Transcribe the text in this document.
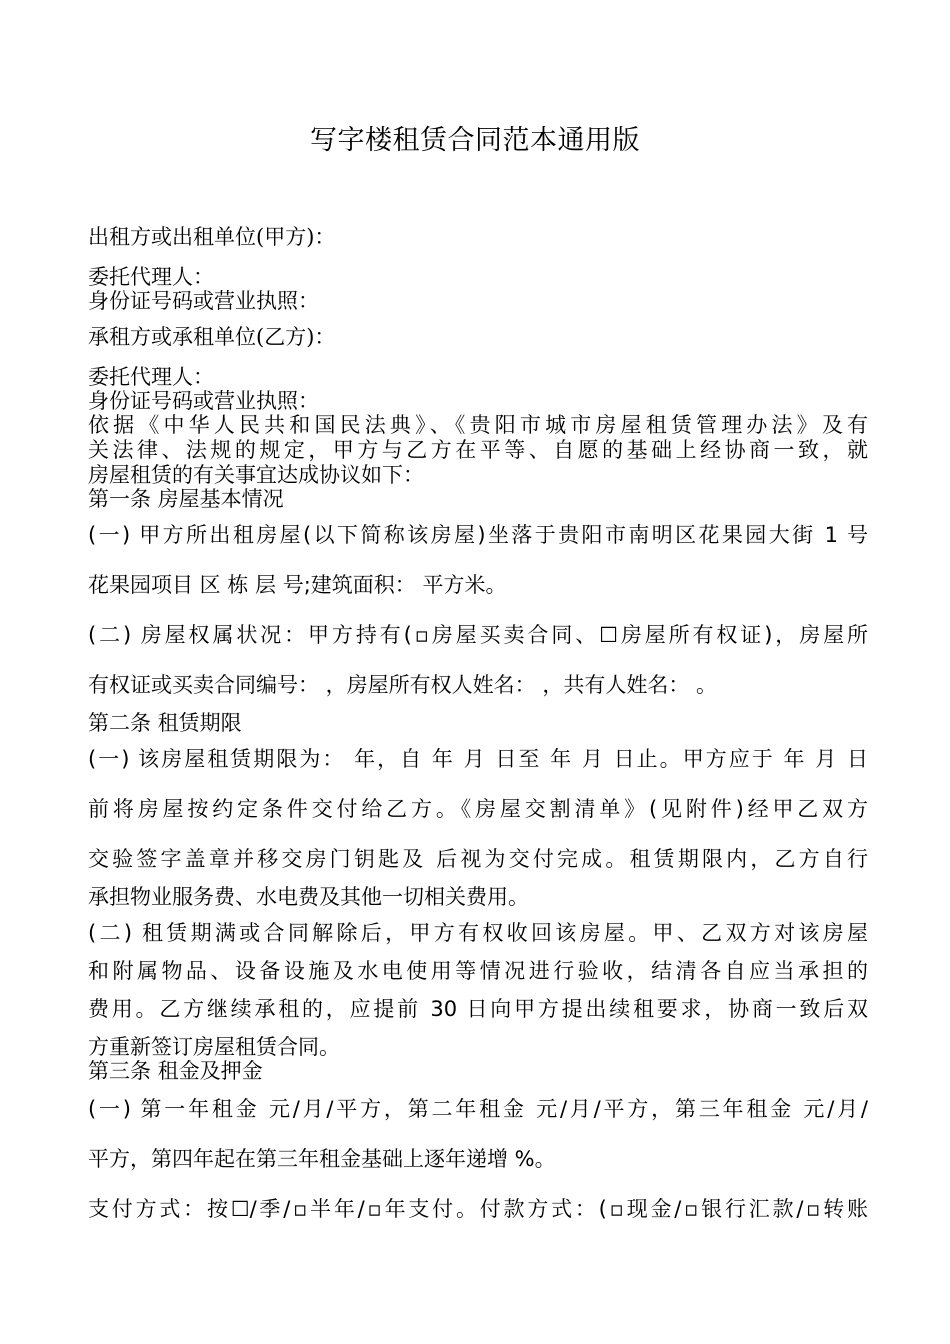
写字楼租赁合同范本通用版
出租方或出租单位(甲方)：
委托代理人：
身份证号码或营业执照：
承租方或承租单位(乙方)：
委托代理人：
身份证号码或营业执照：
依据《中华人民共和国民法典》、《贵阳市城市房屋租赁管理办法》及有
关法律、法规的规定，甲方与乙方在平等、自愿的基础上经协商一致，就
房屋租赁的有关事宜达成协议如下：
第一条 房屋基本情况
(一) 甲方所出租房屋(以下简称该房屋)坐落于贵阳市南明区花果园大街 1 号
花果园项目 区 栋 层 号;建筑面积： 平方米。
(二) 房屋权属状况：甲方持有(▫房屋买卖合同、☐房屋所有权证)，房屋所
有权证或买卖合同编号： ，房屋所有权人姓名： ，共有人姓名： 。
第二条 租赁期限
(一) 该房屋租赁期限为： 年，自 年 月 日至 年 月 日止。甲方应于 年 月 日
前将房屋按约定条件交付给乙方。《房屋交割清单》(见附件)经甲乙双方
交验签字盖章并移交房门钥匙及 后视为交付完成。租赁期限内，乙方自行
承担物业服务费、水电费及其他一切相关费用。
(二) 租赁期满或合同解除后，甲方有权收回该房屋。甲、乙双方对该房屋
和附属物品、设备设施及水电使用等情况进行验收，结清各自应当承担的
费用。乙方继续承租的，应提前 30 日向甲方提出续租要求，协商一致后双
方重新签订房屋租赁合同。
第三条 租金及押金
(一) 第一年租金 元/月/平方，第二年租金 元/月/平方，第三年租金 元/月/
平方，第四年起在第三年租金基础上逐年递增 %。
支付方式：按☐/季/▫半年/▫年支付。付款方式：(▫现金/▫银行汇款/▫转账
